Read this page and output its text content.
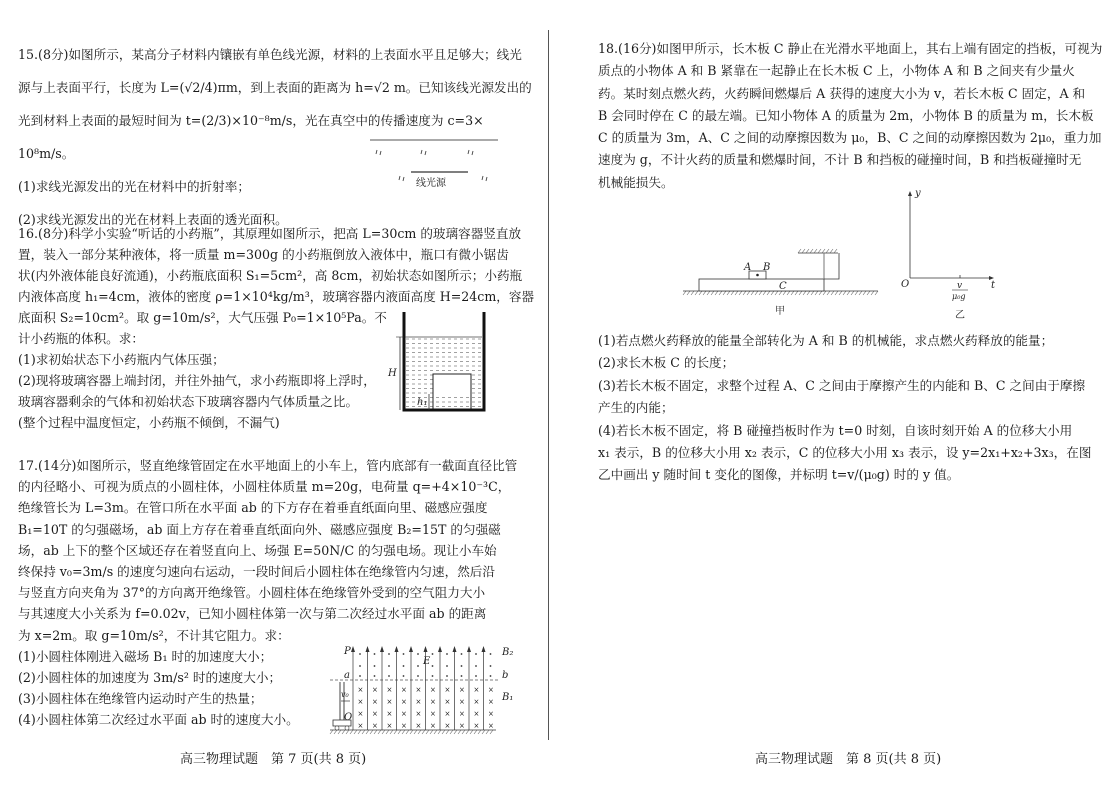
15.(8分)如图所示，某高分子材料内镶嵌有单色线光源，材料的上表面水平且足够大；线光
源与上表面平行，长度为 L=(√2/4)πm，到上表面的距离为 h=√2 m。已知该线光源发出的
光到材料上表面的最短时间为 t=(2/3)×10⁻⁸m/s，光在真空中的传播速度为 c=3×
10⁸m/s。
(1)求线光源发出的光在材料中的折射率；
(2)求线光源发出的光在材料上表面的透光面积。
16.(8分)科学小实验“听话的小药瓶”，其原理如图所示，把高 L=30cm 的玻璃容器竖直放
置，装入一部分某种液体，将一质量 m=300g 的小药瓶倒放入液体中，瓶口有微小锯齿
状(内外液体能良好流通)，小药瓶底面积 S₁=5cm²，高 8cm，初始状态如图所示；小药瓶
内液体高度 h₁=4cm，液体的密度 ρ=1×10⁴kg/m³，玻璃容器内液面高度 H=24cm，容器
底面积 S₂=10cm²。取 g=10m/s²，大气压强 P₀=1×10⁵Pa。不
计小药瓶的体积。求：
(1)求初始状态下小药瓶内气体压强；
(2)现将玻璃容器上端封闭，并往外抽气，求小药瓶即将上浮时，
玻璃容器剩余的气体和初始状态下玻璃容器内气体质量之比。
(整个过程中温度恒定，小药瓶不倾倒，不漏气)
17.(14分)如图所示，竖直绝缘管固定在水平地面上的小车上，管内底部有一截面直径比管
的内径略小、可视为质点的小圆柱体，小圆柱体质量 m=20g，电荷量 q=+4×10⁻³C，
绝缘管长为 L=3m。在管口所在水平面 ab 的下方存在着垂直纸面向里、磁感应强度
B₁=10T 的匀强磁场，ab 面上方存在着垂直纸面向外、磁感应强度 B₂=15T 的匀强磁
场，ab 上下的整个区域还存在着竖直向上、场强 E=50N/C 的匀强电场。现让小车始
终保持 v₀=3m/s 的速度匀速向右运动，一段时间后小圆柱体在绝缘管内匀速，然后沿
与竖直方向夹角为 37°的方向离开绝缘管。小圆柱体在绝缘管外受到的空气阻力大小
与其速度大小关系为 f=0.02v，已知小圆柱体第一次与第二次经过水平面 ab 的距离
为 x=2m。取 g=10m/s²，不计其它阻力。求：
(1)小圆柱体刚进入磁场 B₁ 时的加速度大小；
(2)小圆柱体的加速度为 3m/s² 时的速度大小；
(3)小圆柱体在绝缘管内运动时产生的热量；
(4)小圆柱体第二次经过水平面 ab 时的速度大小。
高三物理试题　第 7 页(共 8 页)
18.(16分)如图甲所示，长木板 C 静止在光滑水平地面上，其右上端有固定的挡板，可视为
质点的小物体 A 和 B 紧靠在一起静止在长木板 C 上，小物体 A 和 B 之间夹有少量火
药。某时刻点燃火药，火药瞬间燃爆后 A 获得的速度大小为 v，若长木板 C 固定，A 和
B 会同时停在 C 的最左端。已知小物体 A 的质量为 2m，小物体 B 的质量为 m，长木板
C 的质量为 3m，A、C 之间的动摩擦因数为 μ₀，B、C 之间的动摩擦因数为 2μ₀，重力加
速度为 g，不计火药的质量和燃爆时间，不计 B 和挡板的碰撞时间，B 和挡板碰撞时无
机械能损失。
(1)若点燃火药释放的能量全部转化为 A 和 B 的机械能，求点燃火药释放的能量；
(2)求长木板 C 的长度；
(3)若长木板不固定，求整个过程 A、C 之间由于摩擦产生的内能和 B、C 之间由于摩擦
产生的内能；
(4)若长木板不固定，将 B 碰撞挡板时作为 t=0 时刻，自该时刻开始 A 的位移大小用
x₁ 表示，B 的位移大小用 x₂ 表示，C 的位移大小用 x₃ 表示，设 y=2x₁+x₂+3x₃，在图
乙中画出 y 随时间 t 变化的图像，并标明 t=v/(μ₀g) 时的 y 值。
高三物理试题　第 8 页(共 8 页)
线光源
H
h₁
×
×
×
×
×
×
×
×
×
×
×
×
×
×
×
×
×
×
×
×
×
×
×
×
×
×
×
×
×
×
×
×
×
×
×
×
×
×
×
×
P
a
O
E
B₂
b
B₁
v₀
A B
C
甲
y
t
O	v
μ₀g
乙
